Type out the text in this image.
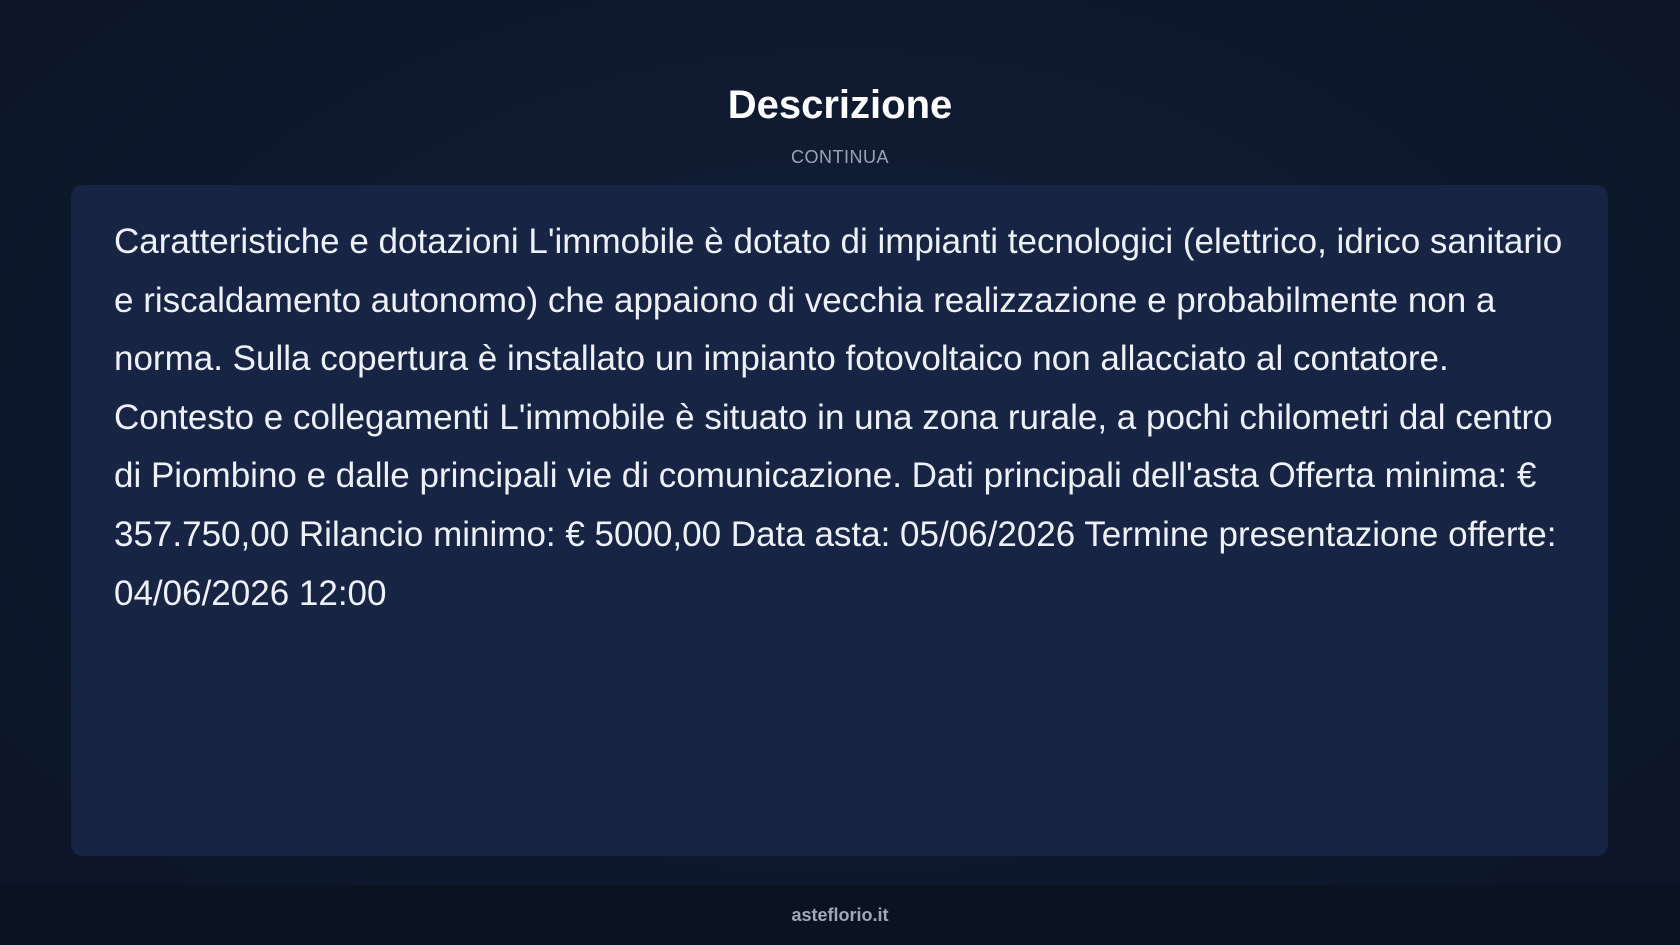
Descrizione
CONTINUA

Caratteristiche e dotazioni L'immobile è dotato di impianti tecnologici (elettrico, idrico sanitario e riscaldamento autonomo) che appaiono di vecchia realizzazione e probabilmente non a norma. Sulla copertura è installato un impianto fotovoltaico non allacciato al contatore. Contesto e collegamenti L'immobile è situato in una zona rurale, a pochi chilometri dal centro di Piombino e dalle principali vie di comunicazione. Dati principali dell'asta Offerta minima: € 357.750,00 Rilancio minimo: € 5000,00 Data asta: 05/06/2026 Termine presentazione offerte: 04/06/2026 12:00

asteflorio.it
